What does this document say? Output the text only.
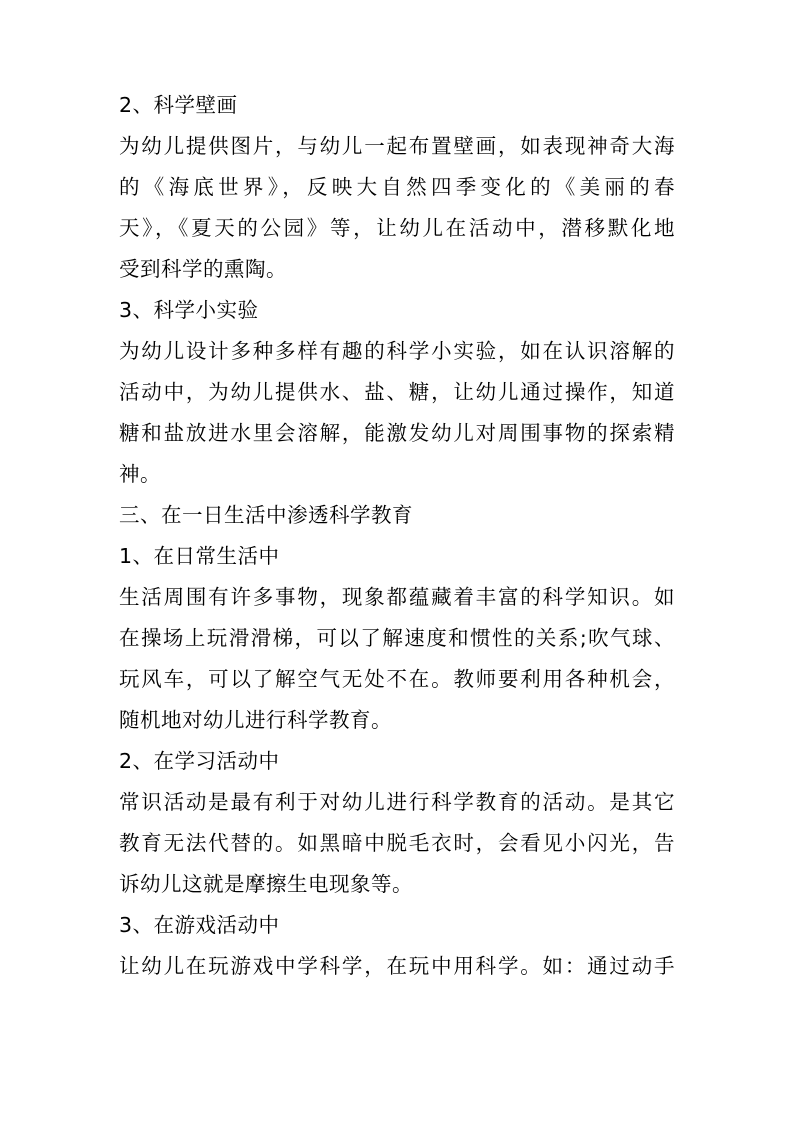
2、科学壁画
为幼儿提供图片，与幼儿一起布置壁画，如表现神奇大海
的《海底世界》，反映大自然四季变化的《美丽的春
天》，《夏天的公园》等，让幼儿在活动中，潜移默化地
受到科学的熏陶。
3、科学小实验
为幼儿设计多种多样有趣的科学小实验，如在认识溶解的
活动中，为幼儿提供水、盐、糖，让幼儿通过操作，知道
糖和盐放进水里会溶解，能激发幼儿对周围事物的探索精
神。
三、在一日生活中渗透科学教育
1、在日常生活中
生活周围有许多事物，现象都蕴藏着丰富的科学知识。如
在操场上玩滑滑梯，可以了解速度和惯性的关系;吹气球、
玩风车，可以了解空气无处不在。教师要利用各种机会，
随机地对幼儿进行科学教育。
2、在学习活动中
常识活动是最有利于对幼儿进行科学教育的活动。是其它
教育无法代替的。如黑暗中脱毛衣时，会看见小闪光，告
诉幼儿这就是摩擦生电现象等。
3、在游戏活动中
让幼儿在玩游戏中学科学，在玩中用科学。如：通过动手
